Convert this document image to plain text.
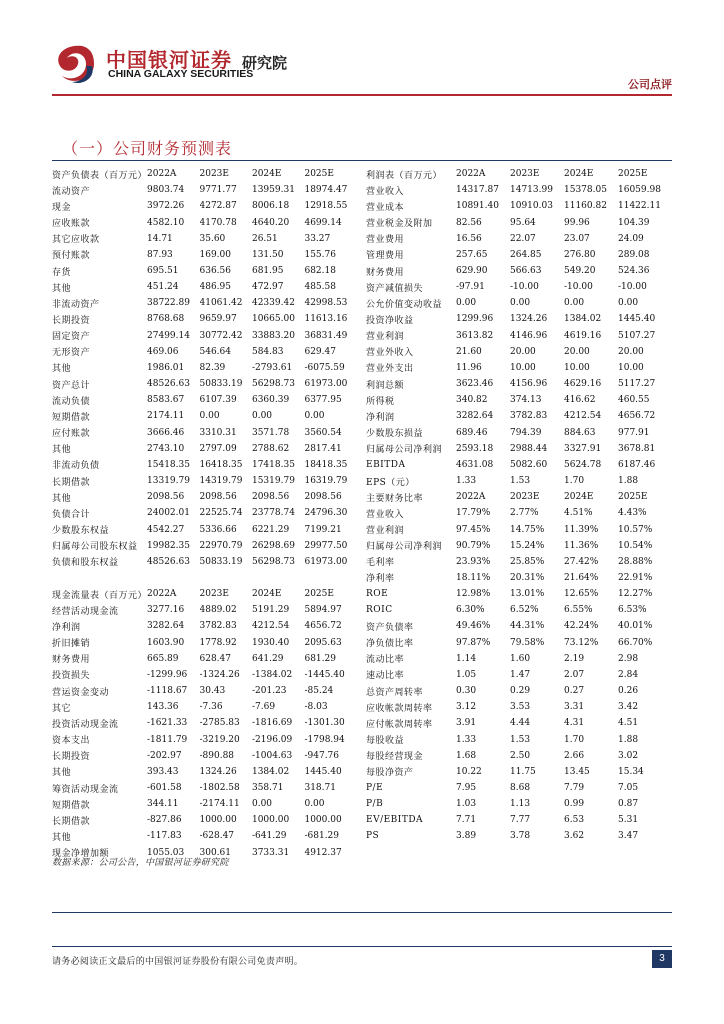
中国银河证券
CHINA GALAXY SECURITIES
研究院
公司点评
（一）公司财务预测表
资产负债表（百万元）	2022A	2023E	2024E	2025E
流动资产	9803.74	9771.77	13959.31	18974.47
现金	3972.26	4272.87	8006.18	12918.55
应收账款	4582.10	4170.78	4640.20	4699.14
其它应收款	14.71	35.60	26.51	33.27
预付账款	87.93	169.00	131.50	155.76
存货	695.51	636.56	681.95	682.18
其他	451.24	486.95	472.97	485.58
非流动资产	38722.89	41061.42	42339.42	42998.53
长期投资	8768.68	9659.97	10665.00	11613.16
固定资产	27499.14	30772.42	33883.20	36831.49
无形资产	469.06	546.64	584.83	629.47
其他	1986.01	82.39	-2793.61	-6075.59
资产总计	48526.63	50833.19	56298.73	61973.00
流动负债	8583.67	6107.39	6360.39	6377.95
短期借款	2174.11	0.00	0.00	0.00
应付账款	3666.46	3310.31	3571.78	3560.54
其他	2743.10	2797.09	2788.62	2817.41
非流动负债	15418.35	16418.35	17418.35	18418.35
长期借款	13319.79	14319.79	15319.79	16319.79
其他	2098.56	2098.56	2098.56	2098.56
负债合计	24002.01	22525.74	23778.74	24796.30
少数股东权益	4542.27	5336.66	6221.29	7199.21
归属母公司股东权益	19982.35	22970.79	26298.69	29977.50
负债和股东权益	48526.63	50833.19	56298.73	61973.00
现金流量表（百万元）	2022A	2023E	2024E	2025E
经营活动现金流	3277.16	4889.02	5191.29	5894.97
净利润	3282.64	3782.83	4212.54	4656.72
折旧摊销	1603.90	1778.92	1930.40	2095.63
财务费用	665.89	628.47	641.29	681.29
投资损失	-1299.96	-1324.26	-1384.02	-1445.40
营运资金变动	-1118.67	30.43	-201.23	-85.24
其它	143.36	-7.36	-7.69	-8.03
投资活动现金流	-1621.33	-2785.83	-1816.69	-1301.30
资本支出	-1811.79	-3219.20	-2196.09	-1798.94
长期投资	-202.97	-890.88	-1004.63	-947.76
其他	393.43	1324.26	1384.02	1445.40
筹资活动现金流	-601.58	-1802.58	358.71	318.71
短期借款	344.11	-2174.11	0.00	0.00
长期借款	-827.86	1000.00	1000.00	1000.00
其他	-117.83	-628.47	-641.29	-681.29
现金净增加额	1055.03	300.61	3733.31	4912.37
利润表（百万元）	2022A	2023E	2024E	2025E
营业收入	14317.87	14713.99	15378.05	16059.98
营业成本	10891.40	10910.03	11160.82	11422.11
营业税金及附加	82.56	95.64	99.96	104.39
营业费用	16.56	22.07	23.07	24.09
管理费用	257.65	264.85	276.80	289.08
财务费用	629.90	566.63	549.20	524.36
资产减值损失	-97.91	-10.00	-10.00	-10.00
公允价值变动收益	0.00	0.00	0.00	0.00
投资净收益	1299.96	1324.26	1384.02	1445.40
营业利润	3613.82	4146.96	4619.16	5107.27
营业外收入	21.60	20.00	20.00	20.00
营业外支出	11.96	10.00	10.00	10.00
利润总额	3623.46	4156.96	4629.16	5117.27
所得税	340.82	374.13	416.62	460.55
净利润	3282.64	3782.83	4212.54	4656.72
少数股东损益	689.46	794.39	884.63	977.91
归属母公司净利润	2593.18	2988.44	3327.91	3678.81
EBITDA	4631.08	5082.60	5624.78	6187.46
EPS（元）	1.33	1.53	1.70	1.88
主要财务比率	2022A	2023E	2024E	2025E
营业收入	17.79%	2.77%	4.51%	4.43%
营业利润	97.45%	14.75%	11.39%	10.57%
归属母公司净利润	90.79%	15.24%	11.36%	10.54%
毛利率	23.93%	25.85%	27.42%	28.88%
净利率	18.11%	20.31%	21.64%	22.91%
ROE	12.98%	13.01%	12.65%	12.27%
ROIC	6.30%	6.52%	6.55%	6.53%
资产负债率	49.46%	44.31%	42.24%	40.01%
净负债比率	97.87%	79.58%	73.12%	66.70%
流动比率	1.14	1.60	2.19	2.98
速动比率	1.05	1.47	2.07	2.84
总资产周转率	0.30	0.29	0.27	0.26
应收帐款周转率	3.12	3.53	3.31	3.42
应付帐款周转率	3.91	4.44	4.31	4.51
每股收益	1.33	1.53	1.70	1.88
每股经营现金	1.68	2.50	2.66	3.02
每股净资产	10.22	11.75	13.45	15.34
P/E	7.95	8.68	7.79	7.05
P/B	1.03	1.13	0.99	0.87
EV/EBITDA	7.71	7.77	6.53	5.31
PS	3.89	3.78	3.62	3.47
数据来源：公司公告，中国银河证券研究院
请务必阅读正文最后的中国银河证券股份有限公司免责声明。	3
